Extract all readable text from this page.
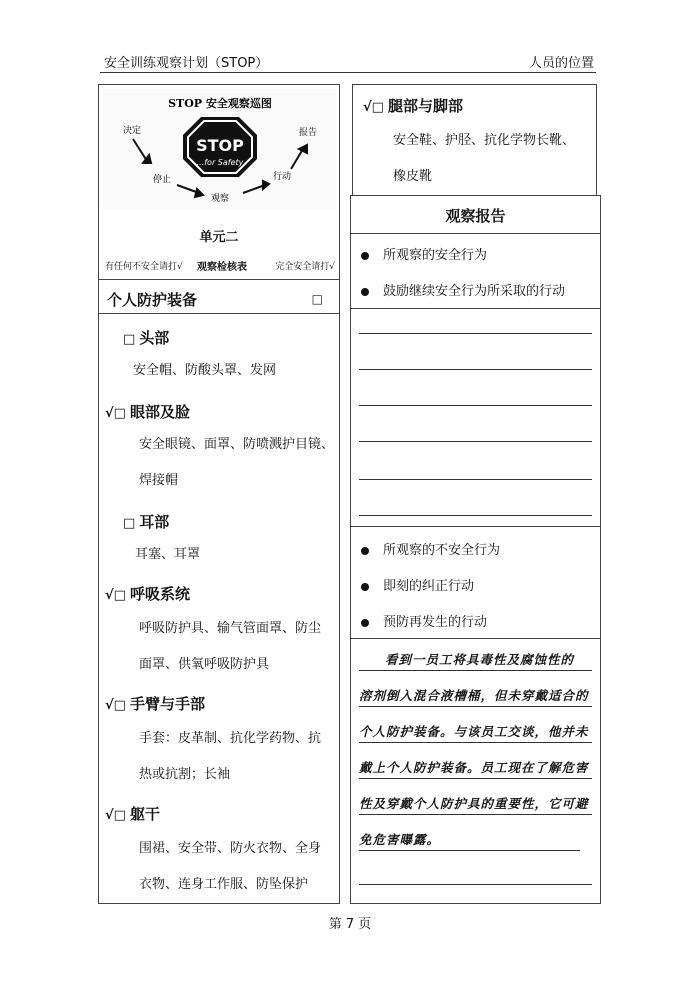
安全训练观察计划（STOP）	人员的位置
STOP 安全观察巡图
STOP
...for Safety
决定
停止
观察
行动
报告
单元二
有任何不安全请打√ 观察检核表	完全安全请打√
个人防护装备	□
□ 头部
安全帽、防酸头罩、发网
√□ 眼部及脸
安全眼镜、面罩、防喷溅护目镜、
焊接帽
□ 耳部
耳塞、耳罩
√□ 呼吸系统
呼吸防护具、输气管面罩、防尘
面罩、供氧呼吸防护具
√□ 手臂与手部
手套：皮革制、抗化学药物、抗
热或抗割；长袖
√□ 躯干
围裙、安全带、防火衣物、全身
衣物、连身工作服、防坠保护
√□ 腿部与脚部
安全鞋、护胫、抗化学物长靴、
橡皮靴
观察报告
所观察的安全行为
鼓励继续安全行为所采取的行动
所观察的不安全行为
即刻的纠正行动
预防再发生的行动
看到一员工将具毒性及腐蚀性的
溶剂倒入混合液槽桶，但未穿戴适合的
个人防护装备。与该员工交谈，他并未
戴上个人防护装备。员工现在了解危害
性及穿戴个人防护具的重要性，它可避
免危害曝露。
第 7 页
